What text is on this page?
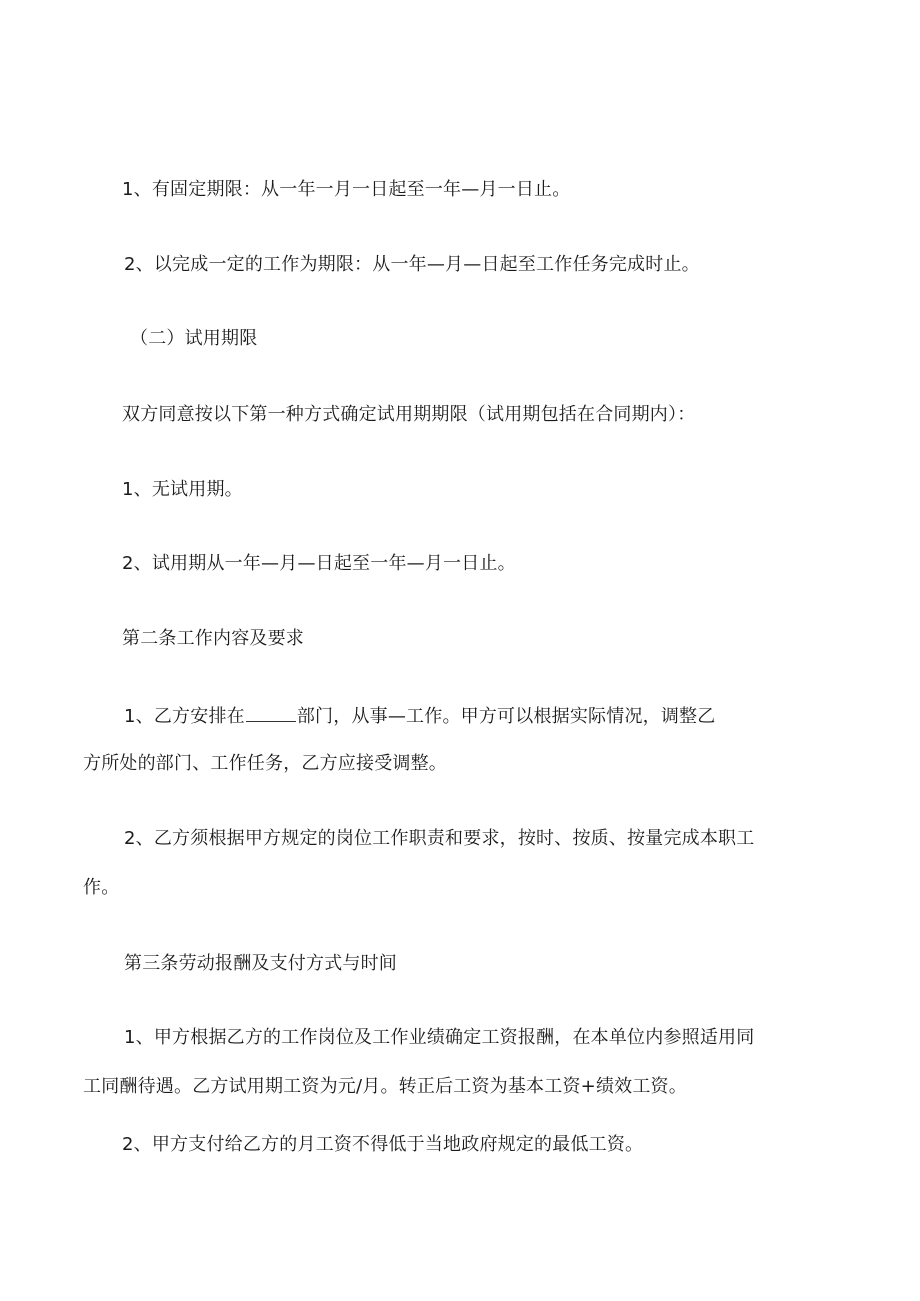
1、有固定期限：从一年一月一日起至一年—月一日止。

2、以完成一定的工作为期限：从一年—月—日起至工作任务完成时止。

（二）试用期限

双方同意按以下第一种方式确定试用期期限（试用期包括在合同期内）：

1、无试用期。

2、试用期从一年—月—日起至一年—月一日止。

第二条工作内容及要求

1、乙方安排在	部门，从事—工作。甲方可以根据实际情况，调整乙

方所处的部门、工作任务，乙方应接受调整。

2、乙方须根据甲方规定的岗位工作职责和要求，按时、按质、按量完成本职工

作。

第三条劳动报酬及支付方式与时间

1、甲方根据乙方的工作岗位及工作业绩确定工资报酬，在本单位内参照适用同

工同酬待遇。乙方试用期工资为元/月。转正后工资为基本工资+绩效工资。

2、甲方支付给乙方的月工资不得低于当地政府规定的最低工资。
